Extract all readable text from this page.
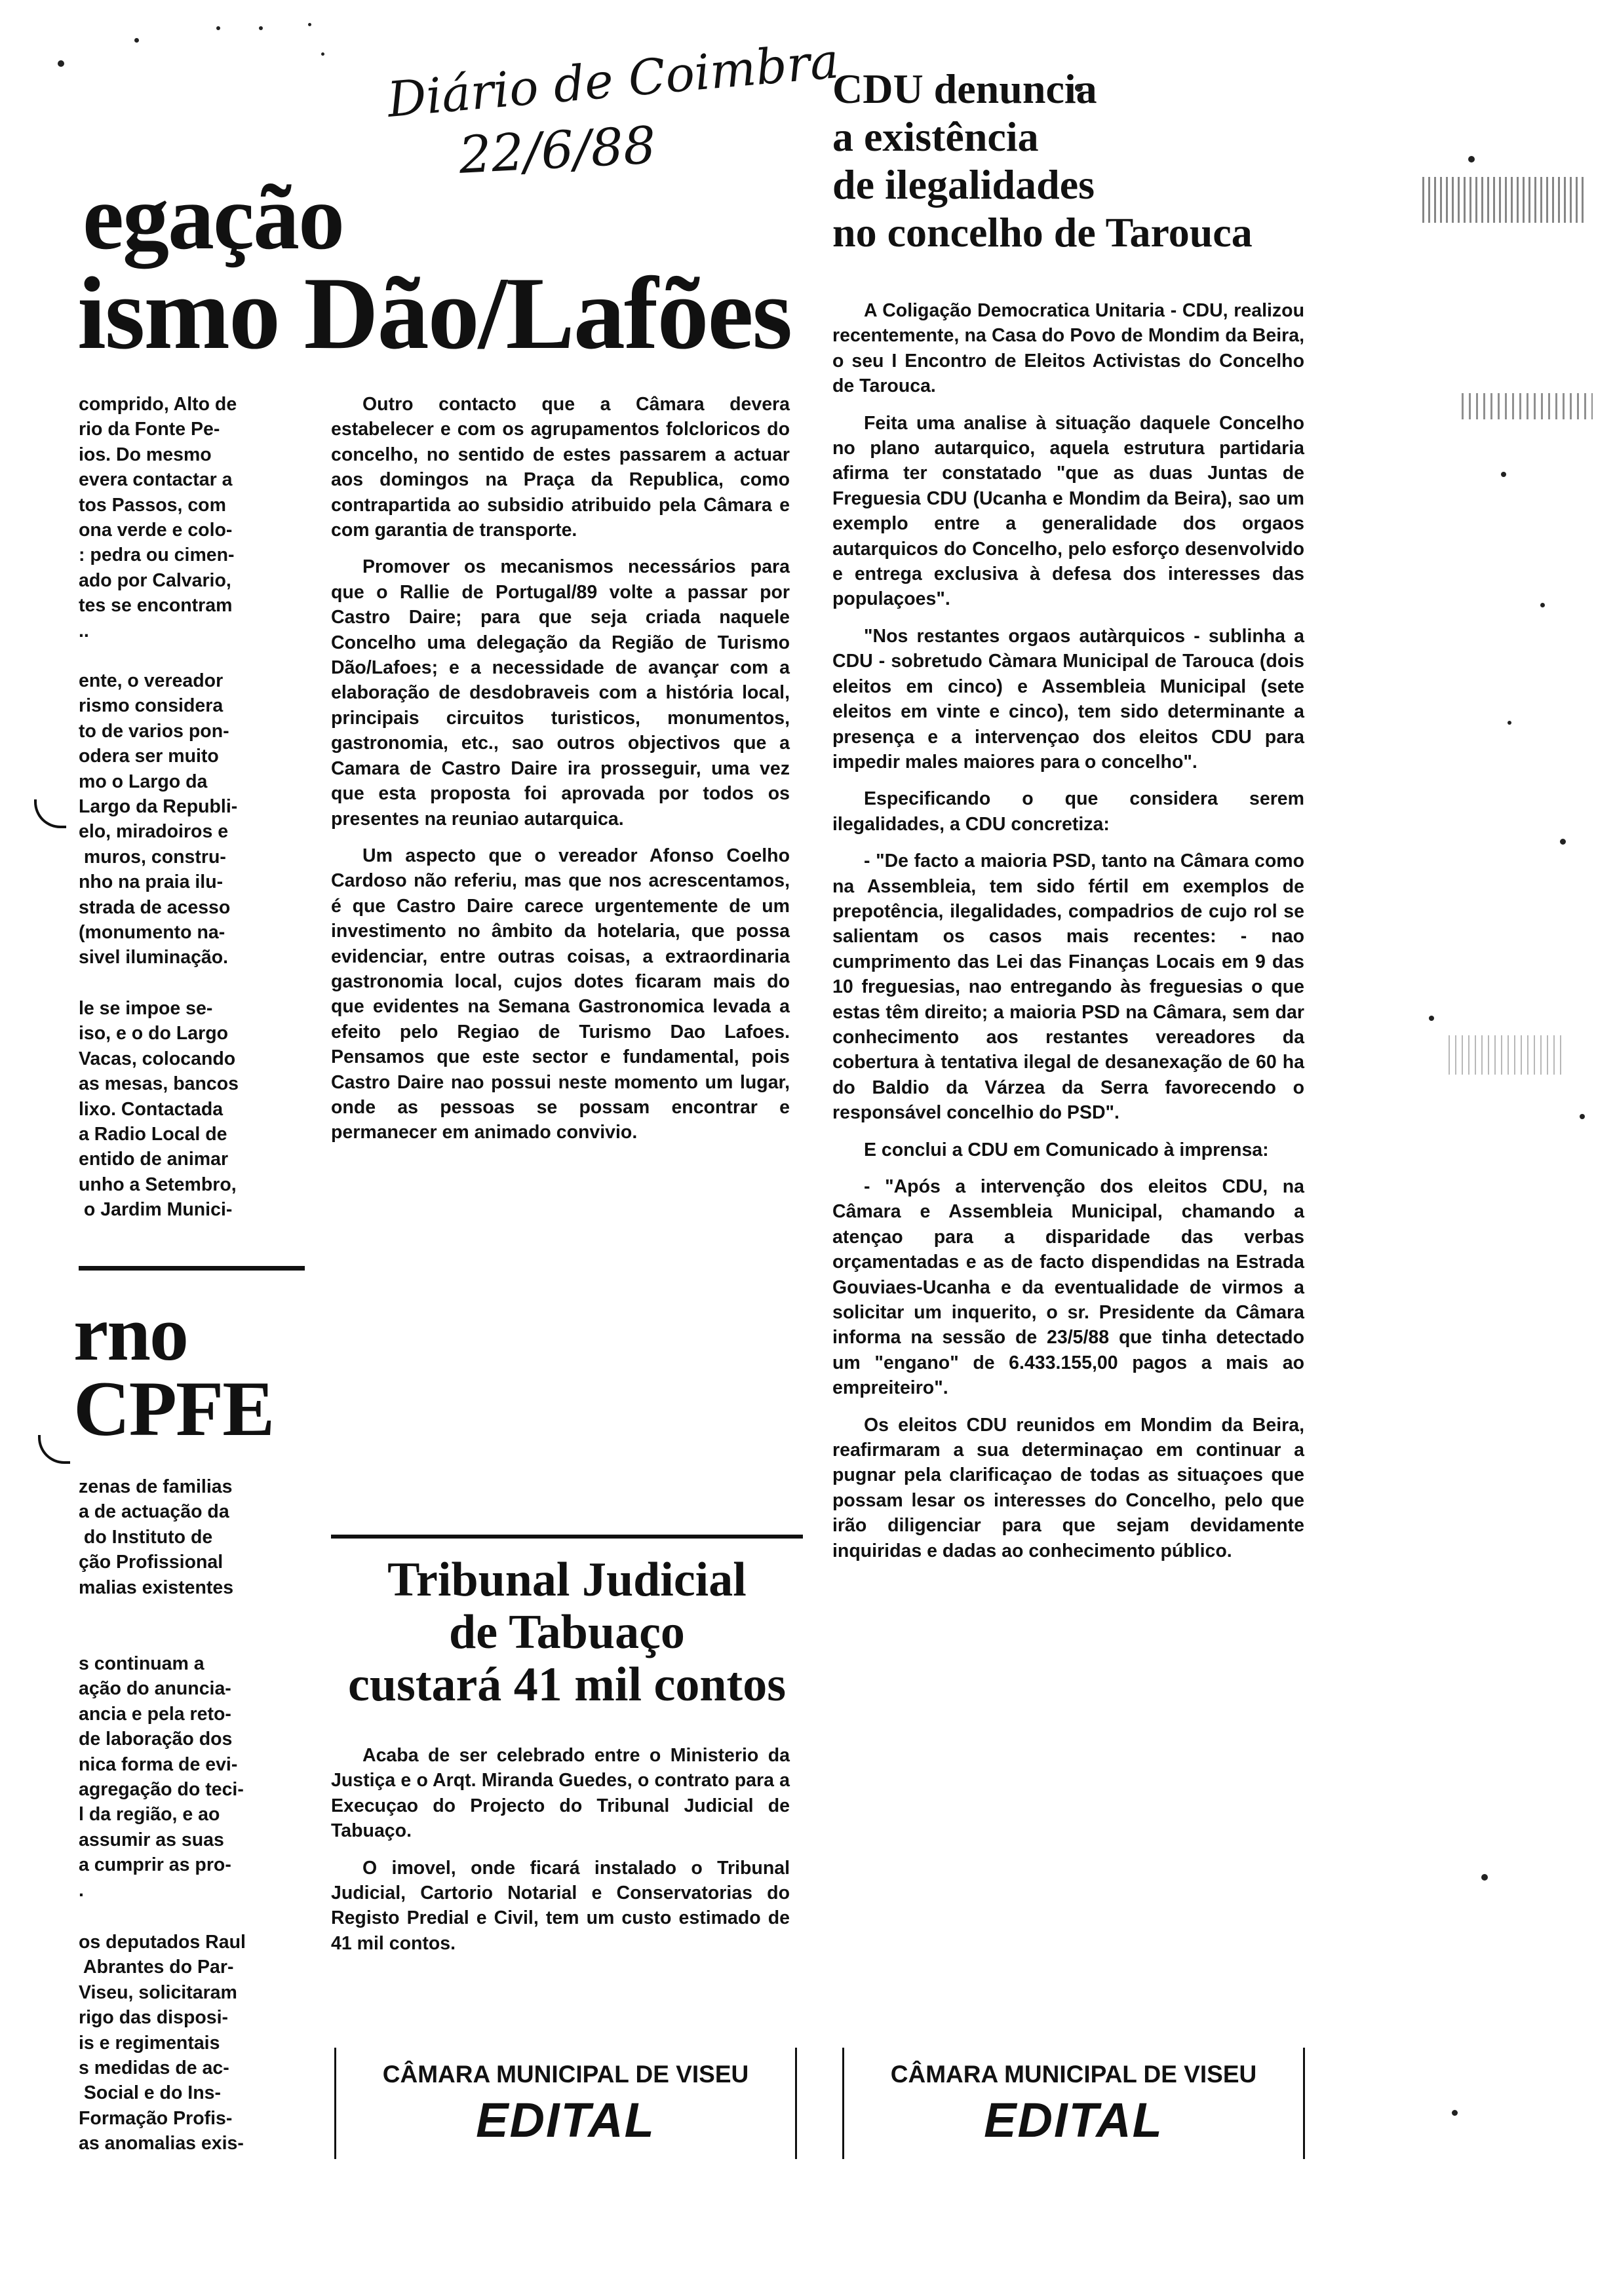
Diário de Coimbra
22/6/88
egação
ismo Dão/Lafões
comprido, Alto de
rio da Fonte Pe-
ios. Do mesmo
evera contactar a
tos Passos, com
ona verde e colo-
: pedra ou cimen-
ado por Calvario,
tes se encontram
..
ente, o vereador
rismo considera
to de varios pon-
odera ser muito
mo o Largo da
Largo da Republi-
elo, miradoiros e
muros, constru-
nho na praia ilu-
strada de acesso
(monumento na-
sivel iluminação.
le se impoe se-
iso, e o do Largo
Vacas, colocando
as mesas, bancos
lixo. Contactada
a Radio Local de
entido de animar
unho a Setembro,
o Jardim Munici-
rno
CPFE
zenas de familias
a de actuação da
do Instituto de
ção Profissional
malias existentes
s continuam a
ação do anuncia-
ancia e pela reto-
de laboração dos
nica forma de evi-
agregação do teci-
l da região, e ao
assumir as suas
a cumprir as pro-
.
os deputados Raul
Abrantes do Par-
Viseu, solicitaram
rigo das disposi-
is e regimentais
s medidas de ac-
Social e do Ins-
Formação Profis-
as anomalias exis-

Outro contacto que a Câmara devera estabelecer e com os agrupamentos folcloricos do concelho, no sentido de estes passarem a actuar aos domingos na Praça da Republica, como contrapartida ao subsidio atribuido pela Câmara e com garantia de transporte.

Promover os mecanismos necessários para que o Rallie de Portugal/89 volte a passar por Castro Daire; para que seja criada naquele Concelho uma delegação da Região de Turismo Dão/Lafoes; e a necessidade de avançar com a elaboração de desdobraveis com a história local, principais circuitos turisticos, monumentos, gastronomia, etc., sao outros objectivos que a Camara de Castro Daire ira prosseguir, uma vez que esta proposta foi aprovada por todos os presentes na reuniao autarquica.

Um aspecto que o vereador Afonso Coelho Cardoso não referiu, mas que nos acrescentamos, é que Castro Daire carece urgentemente de um investimento no âmbito da hotelaria, que possa evidenciar, entre outras coisas, a extraordinaria gastronomia local, cujos dotes ficaram mais do que evidentes na Semana Gastronomica levada a efeito pelo Regiao de Turismo Dao Lafoes. Pensamos que este sector e fundamental, pois Castro Daire nao possui neste momento um lugar, onde as pessoas se possam encontrar e permanecer em animado convivio.

Tribunal Judicial
de Tabuaço
custará 41 mil contos

Acaba de ser celebrado entre o Ministerio da Justiça e o Arqt. Miranda Guedes, o contrato para a Execuçao do Projecto do Tribunal Judicial de Tabuaço.

O imovel, onde ficará instalado o Tribunal Judicial, Cartorio Notarial e Conservatorias do Registo Predial e Civil, tem um custo estimado de 41 mil contos.

CDU denuncia
a existência
de ilegalidades
no concelho de Tarouca

A Coligação Democratica Unitaria - CDU, realizou recentemente, na Casa do Povo de Mondim da Beira, o seu I Encontro de Eleitos Activistas do Concelho de Tarouca.

Feita uma analise à situação daquele Concelho no plano autarquico, aquela estrutura partidaria afirma ter constatado "que as duas Juntas de Freguesia CDU (Ucanha e Mondim da Beira), sao um exemplo entre a generalidade dos orgaos autarquicos do Concelho, pelo esforço desenvolvido e entrega exclusiva à defesa dos interesses das populaçoes".

"Nos restantes orgaos autàrquicos - sublinha a CDU - sobretudo Càmara Municipal de Tarouca (dois eleitos em cinco) e Assembleia Municipal (sete eleitos em vinte e cinco), tem sido determinante a presença e a intervençao dos eleitos CDU para impedir males maiores para o concelho".

Especificando o que considera serem ilegalidades, a CDU concretiza:

- "De facto a maioria PSD, tanto na Câmara como na Assembleia, tem sido fértil em exemplos de prepotência, ilegalidades, compadrios de cujo rol se salientam os casos mais recentes: - nao cumprimento das Lei das Finanças Locais em 9 das 10 freguesias, nao entregando às freguesias o que estas têm direito; a maioria PSD na Câmara, sem dar conhecimento aos restantes vereadores da cobertura à tentativa ilegal de desanexação de 60 ha do Baldio da Várzea da Serra favorecendo o responsável concelhio do PSD".

E conclui a CDU em Comunicado à imprensa:

- "Após a intervenção dos eleitos CDU, na Câmara e Assembleia Municipal, chamando a atençao para a disparidade das verbas orçamentadas e as de facto dispendidas na Estrada Gouviaes-Ucanha e da eventualidade de virmos a solicitar um inquerito, o sr. Presidente da Câmara informa na sessão de 23/5/88 que tinha detectado um "engano" de 6.433.155,00 pagos a mais ao empreiteiro".

Os eleitos CDU reunidos em Mondim da Beira, reafirmaram a sua determinaçao em continuar a pugnar pela clarificaçao de todas as situaçoes que possam lesar os interesses do Concelho, pelo que irão diligenciar para que sejam devidamente inquiridas e dadas ao conhecimento público.

CÂMARA MUNICIPAL DE VISEU
EDITAL
CÂMARA MUNICIPAL DE VISEU
EDITAL
